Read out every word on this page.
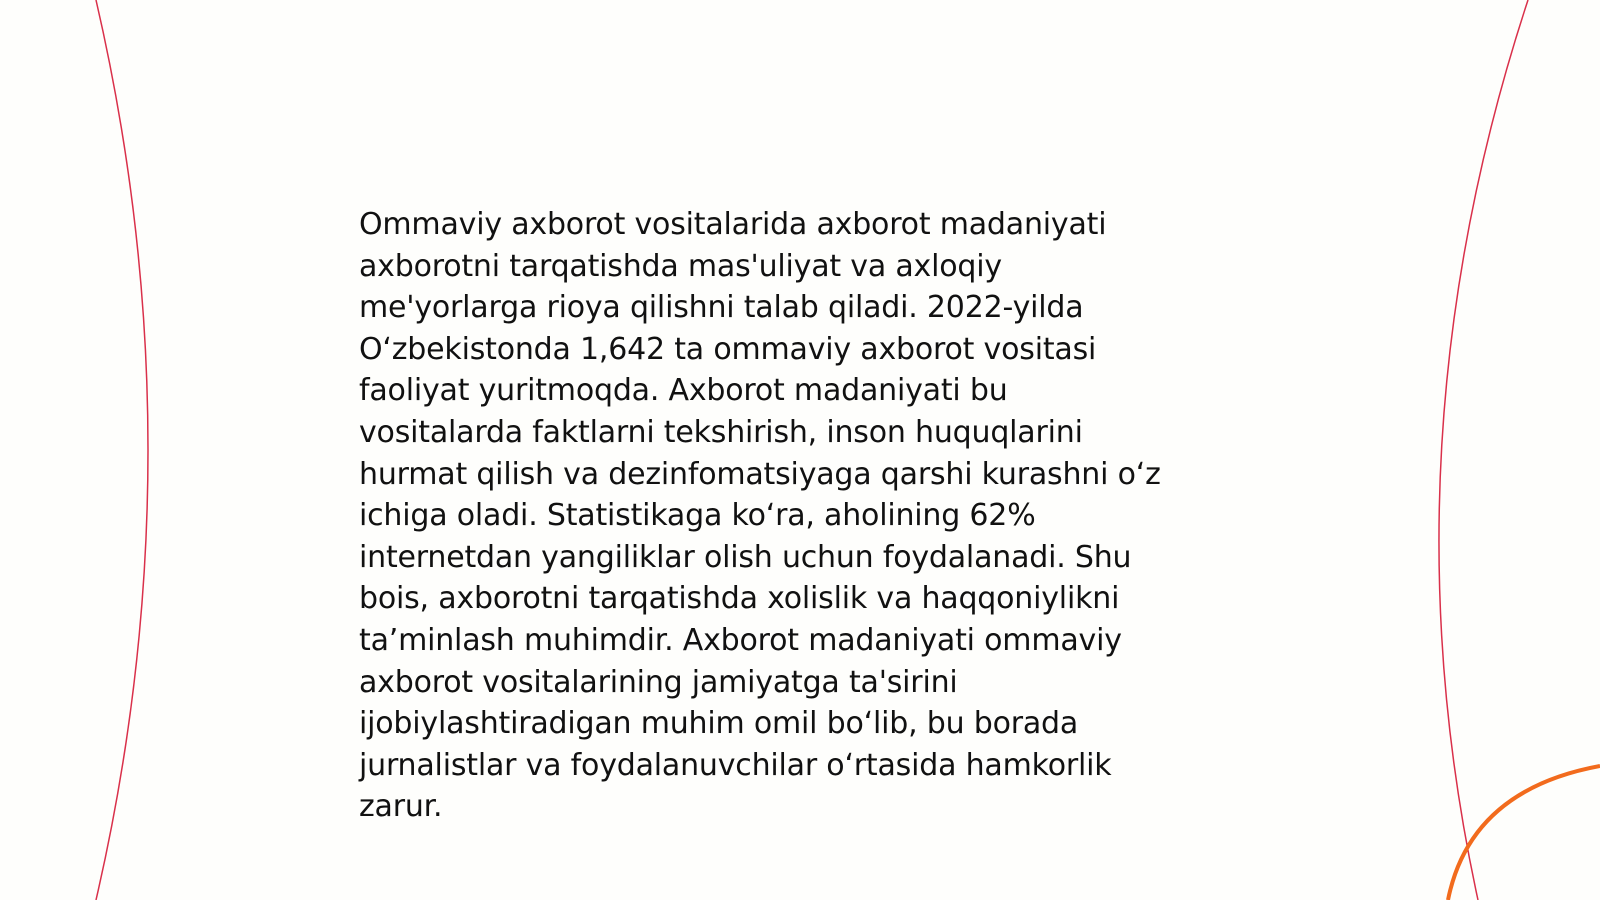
Ommaviy axborot vositalarida axborot madaniyati
axborotni tarqatishda mas'uliyat va axloqiy
me'yorlarga rioya qilishni talab qiladi. 2022-yilda
O‘zbekistonda 1,642 ta ommaviy axborot vositasi
faoliyat yuritmoqda. Axborot madaniyati bu
vositalarda faktlarni tekshirish, inson huquqlarini
hurmat qilish va dezinfomatsiyaga qarshi kurashni o‘z
ichiga oladi. Statistikaga ko‘ra, aholining 62%
internetdan yangiliklar olish uchun foydalanadi. Shu
bois, axborotni tarqatishda xolislik va haqqoniylikni
ta’minlash muhimdir. Axborot madaniyati ommaviy
axborot vositalarining jamiyatga ta'sirini
ijobiylashtiradigan muhim omil bo‘lib, bu borada
jurnalistlar va foydalanuvchilar o‘rtasida hamkorlik
zarur.
